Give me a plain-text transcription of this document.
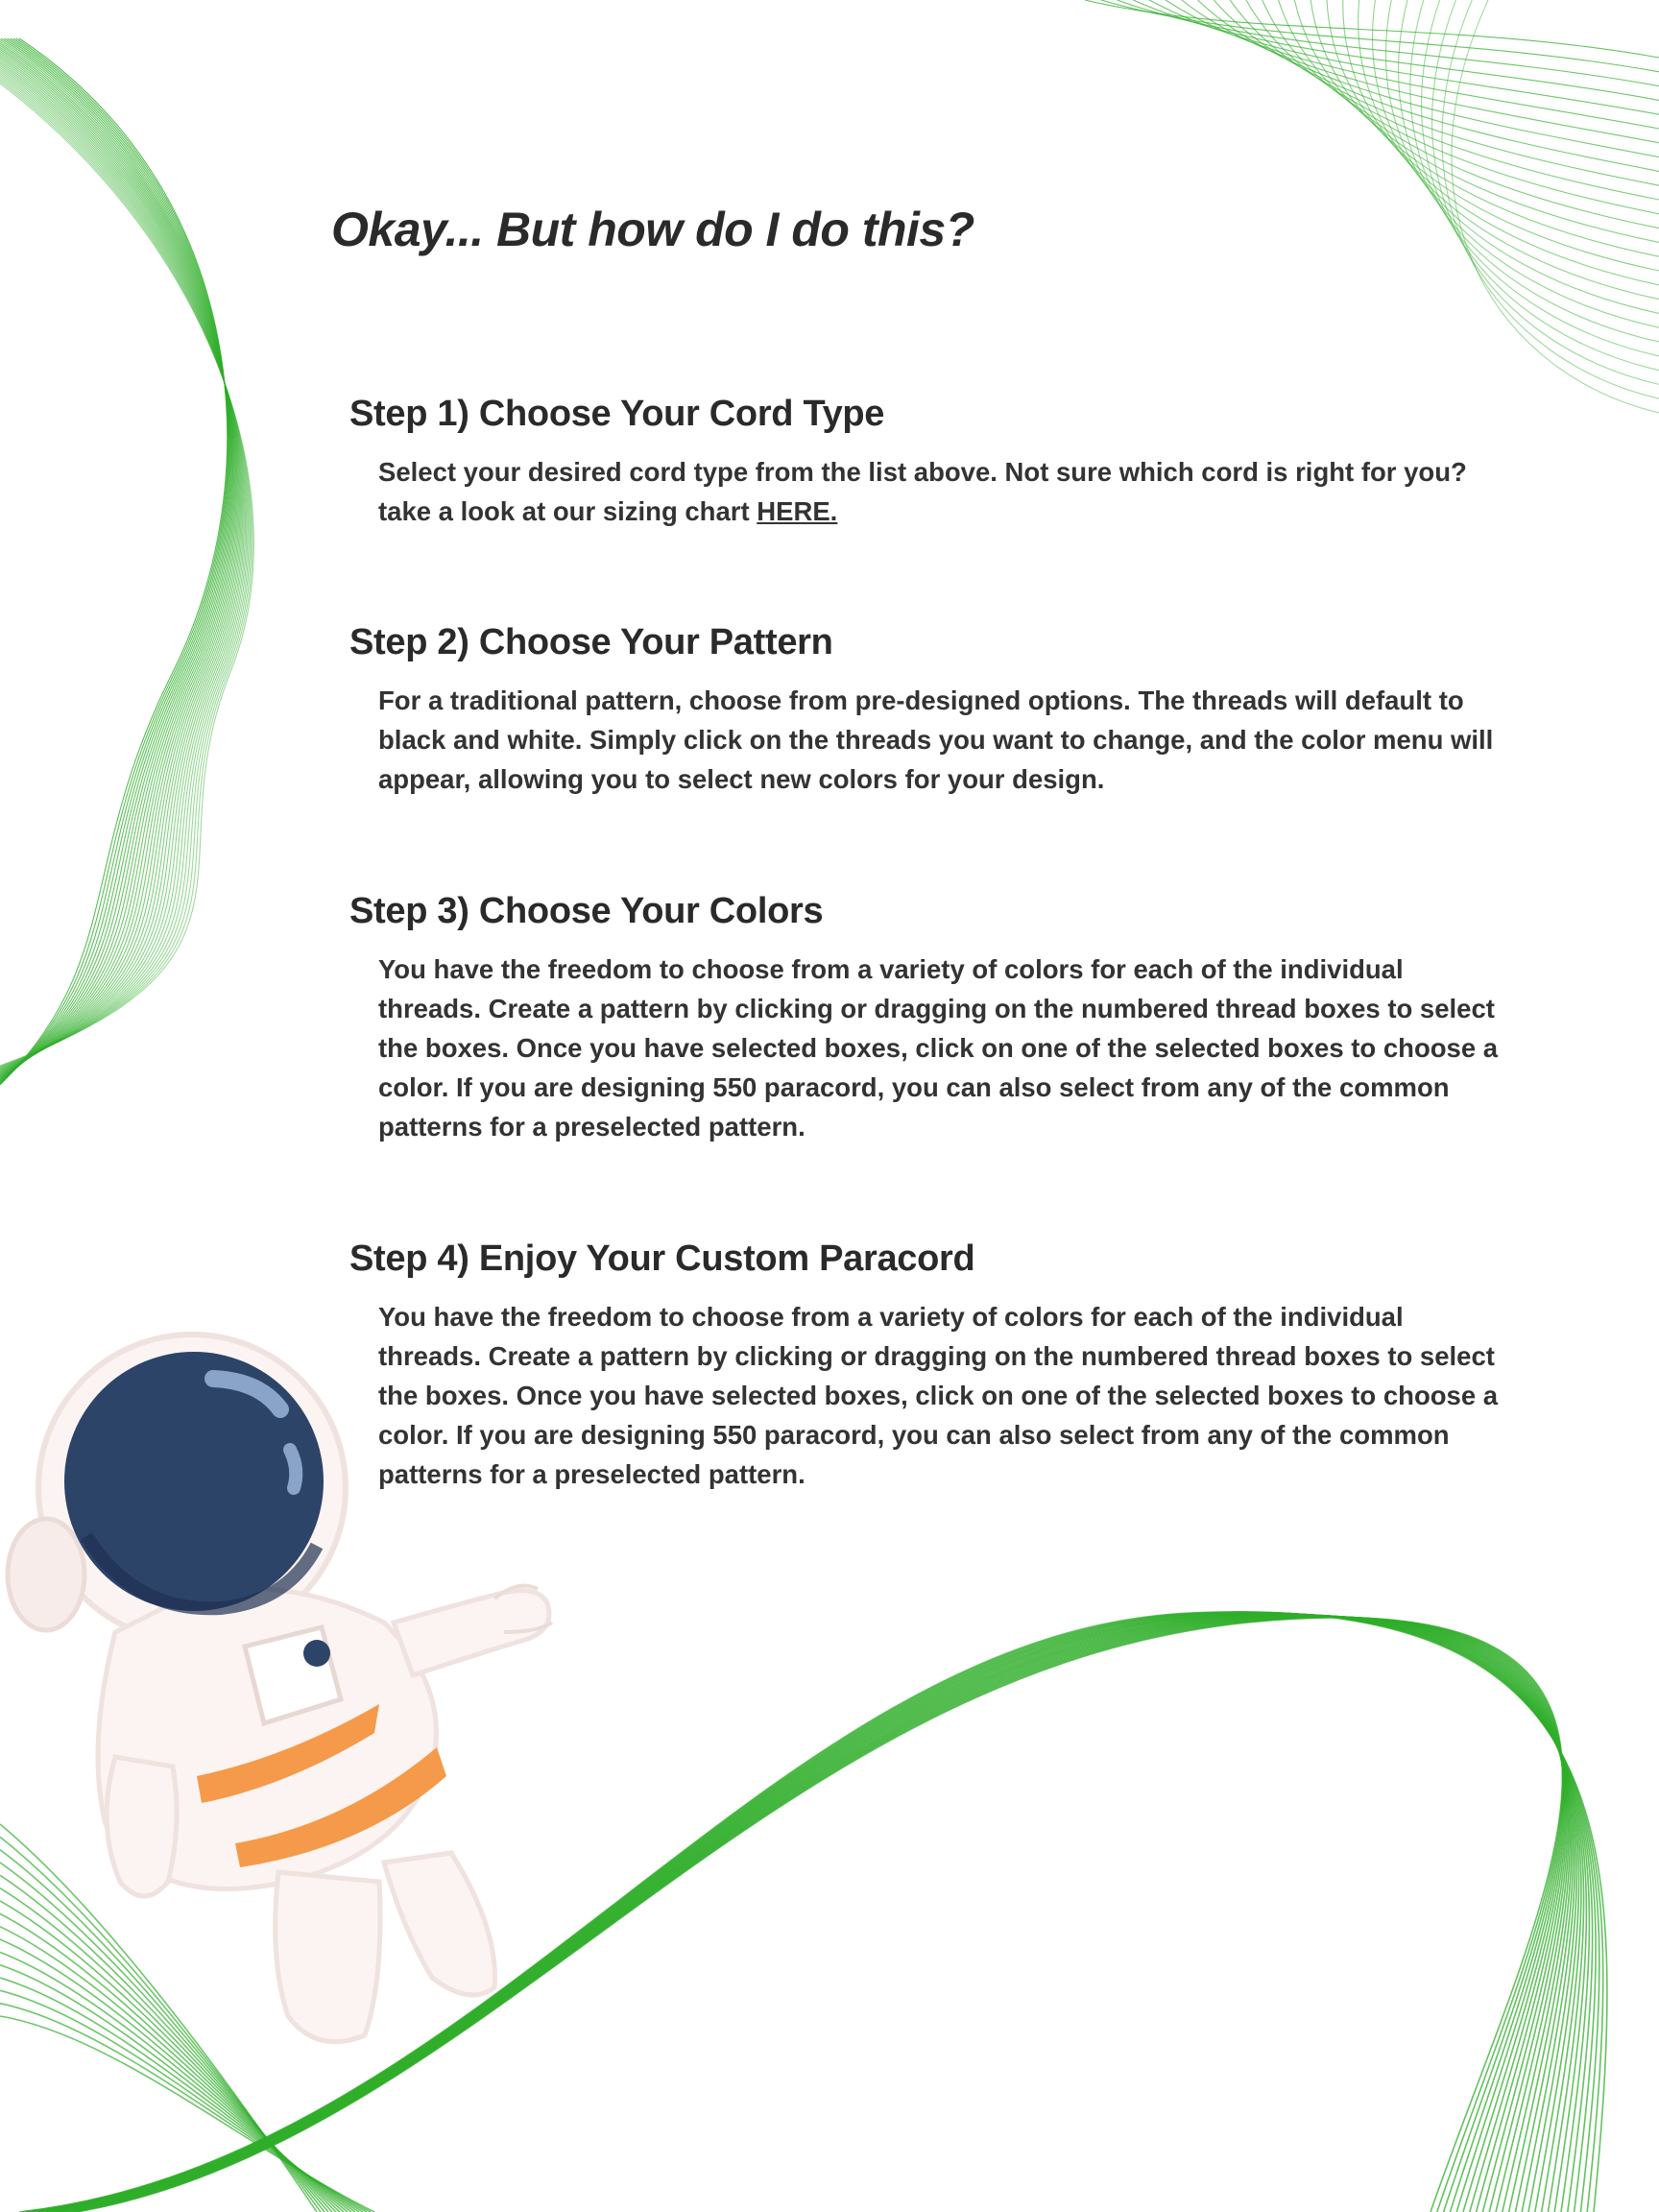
Okay... But how do I do this?
Step 1) Choose Your Cord Type

Select your desired cord type from the list above. Not sure which cord is right for you? take a look at our sizing chart HERE.

Step 2) Choose Your Pattern

For a traditional pattern, choose from pre-designed options. The threads will default to black and white. Simply click on the threads you want to change, and the color menu will appear, allowing you to select new colors for your design.

Step 3) Choose Your Colors

You have the freedom to choose from a variety of colors for each of the individual threads. Create a pattern by clicking or dragging on the numbered thread boxes to select the boxes. Once you have selected boxes, click on one of the selected boxes to choose a color. If you are designing 550 paracord, you can also select from any of the common patterns for a preselected pattern.

Step 4) Enjoy Your Custom Paracord

You have the freedom to choose from a variety of colors for each of the individual threads. Create a pattern by clicking or dragging on the numbered thread boxes to select the boxes. Once you have selected boxes, click on one of the selected boxes to choose a color. If you are designing 550 paracord, you can also select from any of the common patterns for a preselected pattern.
